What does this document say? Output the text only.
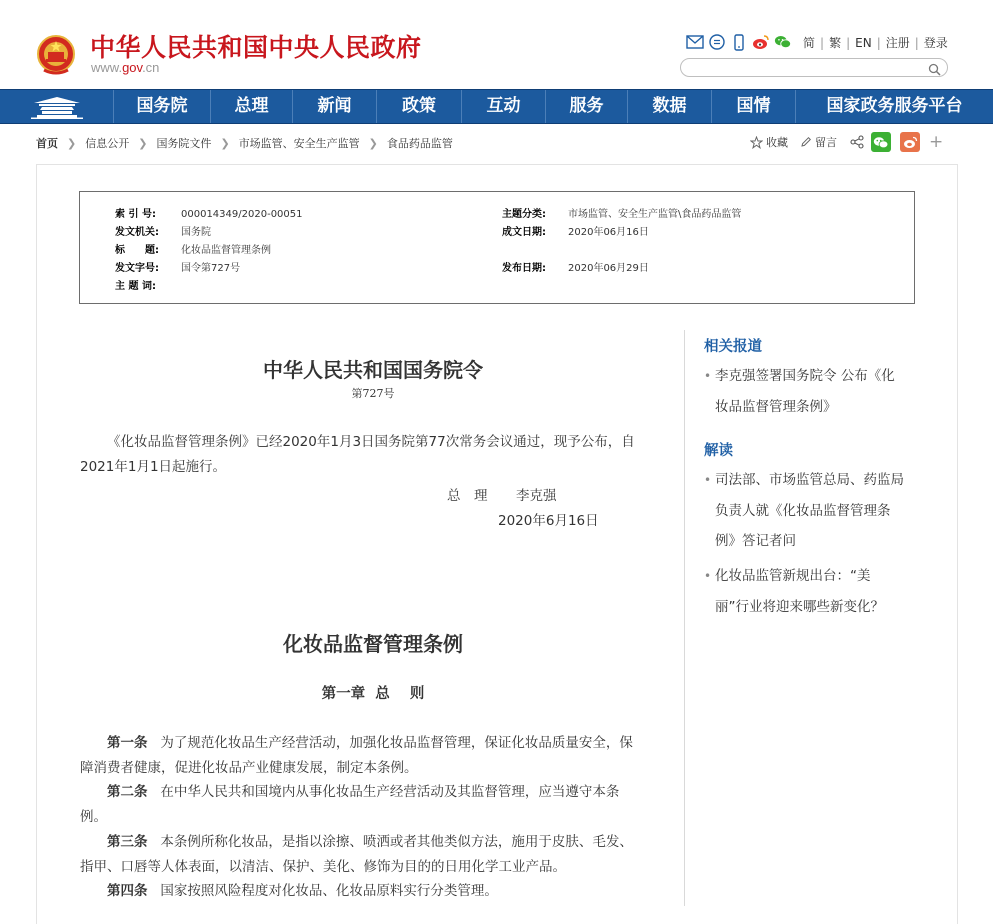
中华人民共和国中央人民政府
www.gov.cn
简 | 繁 | EN | 注册 | 登录
国务院	总理	新闻	政策	互动	服务	数据	国情	国家政务服务平台
首页 ❯ 信息公开 ❯ 国务院文件 ❯ 市场监管、安全生产监管 ❯ 食品药品监管	收藏 留言	+
索 引 号:	000014349/2020-00051	主题分类: 市场监管、安全生产监管\食品药品监管
发文机关: 国务院	成文日期: 2020年06月16日
标　　题: 化妆品监督管理条例
发文字号: 国令第727号	发布日期: 2020年06月29日
主 题 词:
中华人民共和国国务院令
第727号
《化妆品监督管理条例》已经2020年1月3日国务院第77次常务会议通过，现予公布，自
2021年1月1日起施行。
总　理 李克强
2020年6月16日
化妆品监督管理条例
第一章  总    则
第一条 为了规范化妆品生产经营活动，加强化妆品监督管理，保证化妆品质量安全，保
障消费者健康，促进化妆品产业健康发展，制定本条例。
第二条 在中华人民共和国境内从事化妆品生产经营活动及其监督管理，应当遵守本条
例。
第三条 本条例所称化妆品，是指以涂擦、喷洒或者其他类似方法，施用于皮肤、毛发、
指甲、口唇等人体表面，以清洁、保护、美化、修饰为目的的日用化学工业产品。
第四条 国家按照风险程度对化妆品、化妆品原料实行分类管理。
相关报道
• 李克强签署国务院令 公布《化
妆品监督管理条例》
解读
• 司法部、市场监管总局、药监局
负责人就《化妆品监督管理条
例》答记者问
• 化妆品监管新规出台：“美
丽”行业将迎来哪些新变化？
